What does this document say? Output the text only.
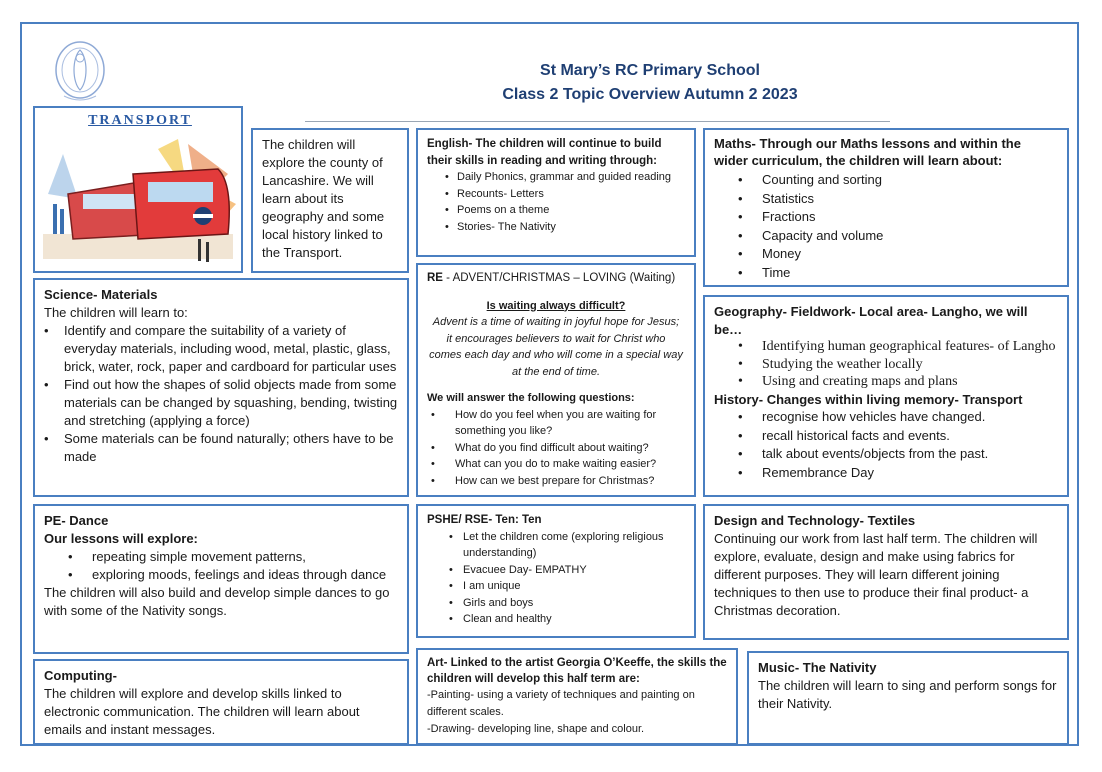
St Mary’s RC Primary School
Class 2 Topic Overview Autumn 2 2023
TRANSPORT
The children will explore the county of Lancashire. We will learn about its geography and some local history linked to the Transport.
English- The children will continue to build their skills in reading and writing through:
• Daily Phonics, grammar and guided reading
• Recounts- Letters
• Poems on a theme
• Stories- The Nativity
Maths- Through our Maths lessons and within the wider curriculum, the children will learn about:
• Counting and sorting
• Statistics
• Fractions
• Capacity and volume
• Money
• Time
Science- Materials
The children will learn to:
• Identify and compare the suitability of a variety of everyday materials, including wood, metal, plastic, glass, brick, water, rock, paper and cardboard for particular uses
• Find out how the shapes of solid objects made from some materials can be changed by squashing, bending, twisting and stretching (applying a force)
• Some materials can be found naturally; others have to be made
RE - ADVENT/CHRISTMAS – LOVING (Waiting)
Is waiting always difficult?
Advent is a time of waiting in joyful hope for Jesus; it encourages believers to wait for Christ who comes each day and who will come in a special way at the end of time.
We will answer the following questions:
• How do you feel when you are waiting for something you like?
• What do you find difficult about waiting?
• What can you do to make waiting easier?
• How can we best prepare for Christmas?
Geography- Fieldwork- Local area- Langho, we will be…
• Identifying human geographical features- of Langho
• Studying the weather locally
• Using and creating maps and plans
History- Changes within living memory- Transport
• recognise how vehicles have changed.
• recall historical facts and events.
• talk about events/objects from the past.
• Remembrance Day
PE- Dance
Our lessons will explore:
• repeating simple movement patterns,
• exploring moods, feelings and ideas through dance
The children will also build and develop simple dances to go with some of the Nativity songs.
PSHE/ RSE- Ten: Ten
• Let the children come (exploring religious understanding)
• Evacuee Day- EMPATHY
• I am unique
• Girls and boys
• Clean and healthy
Design and Technology- Textiles
Continuing our work from last half term. The children will explore, evaluate, design and make using fabrics for different purposes. They will learn different joining techniques to then use to produce their final product- a Christmas decoration.
Computing-
The children will explore and develop skills linked to electronic communication. The children will learn about emails and instant messages.
Art- Linked to the artist Georgia O’Keeffe, the skills the children will develop this half term are:
-Painting- using a variety of techniques and painting on different scales.
-Drawing- developing line, shape and colour.
Music- The Nativity
The children will learn to sing and perform songs for their Nativity.
